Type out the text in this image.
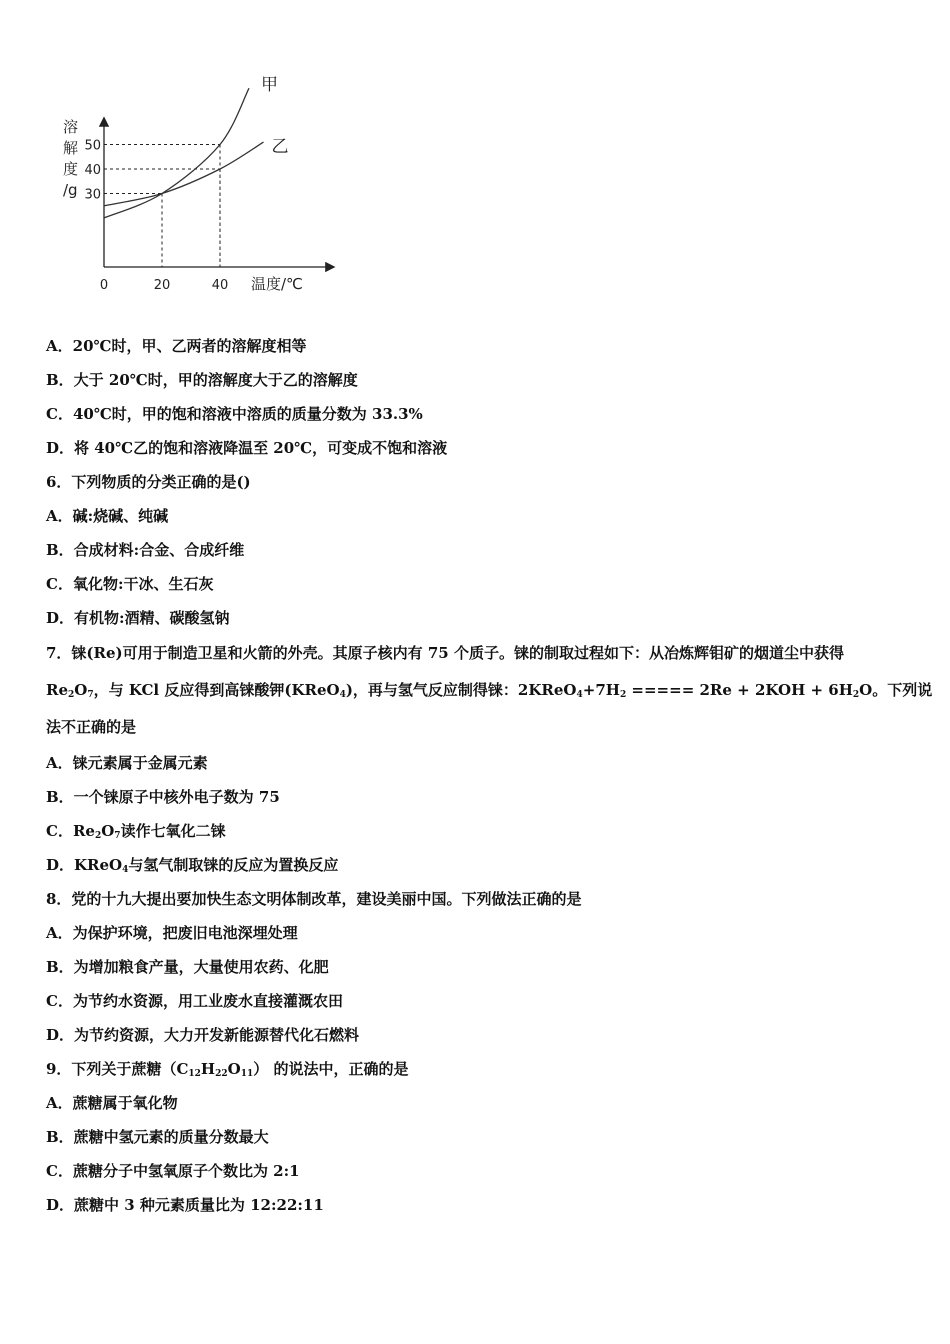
溶
解
度
/g
甲
乙
0	20	40
30
40
50
温度/℃
A．20℃时，甲、乙两者的溶解度相等
B．大于 20℃时，甲的溶解度大于乙的溶解度
C．40℃时，甲的饱和溶液中溶质的质量分数为 33.3%
D．将 40℃乙的饱和溶液降温至 20℃，可变成不饱和溶液
6．下列物质的分类正确的是()
A．碱:烧碱、纯碱
B．合成材料:合金、合成纤维
C．氧化物:干冰、生石灰
D．有机物:酒精、碳酸氢钠
7．铼(Re)可用于制造卫星和火箭的外壳。其原子核内有 75 个质子。铼的制取过程如下：从冶炼辉钼矿的烟道尘中获得
$Re_2O_7$，与 KCl 反应得到高铼酸钾(KReO$_4$)，再与氢气反应制得铼：$2KReO_4+7H_2$ ===== $2Re + 2KOH + 6H_2O$。下列说
法不正确的是
A．铼元素属于金属元素
B．一个铼原子中核外电子数为 75
C．$Re_2O_7$读作七氧化二铼
D．KReO$_4$与氢气制取铼的反应为置换反应
8．党的十九大提出要加快生态文明体制改革，建设美丽中国。下列做法正确的是
A．为保护环境，把废旧电池深埋处理
B．为增加粮食产量，大量使用农药、化肥
C．为节约水资源，用工业废水直接灌溉农田
D．为节约资源，大力开发新能源替代化石燃料
9．下列关于蔗糖$(C_{12}H_{22}O_{11})$ 的说法中，正确的是
A．蔗糖属于氧化物
B．蔗糖中氢元素的质量分数最大
C．蔗糖分子中氢氧原子个数比为 2:1
D．蔗糖中 3 种元素质量比为 12:22:11
